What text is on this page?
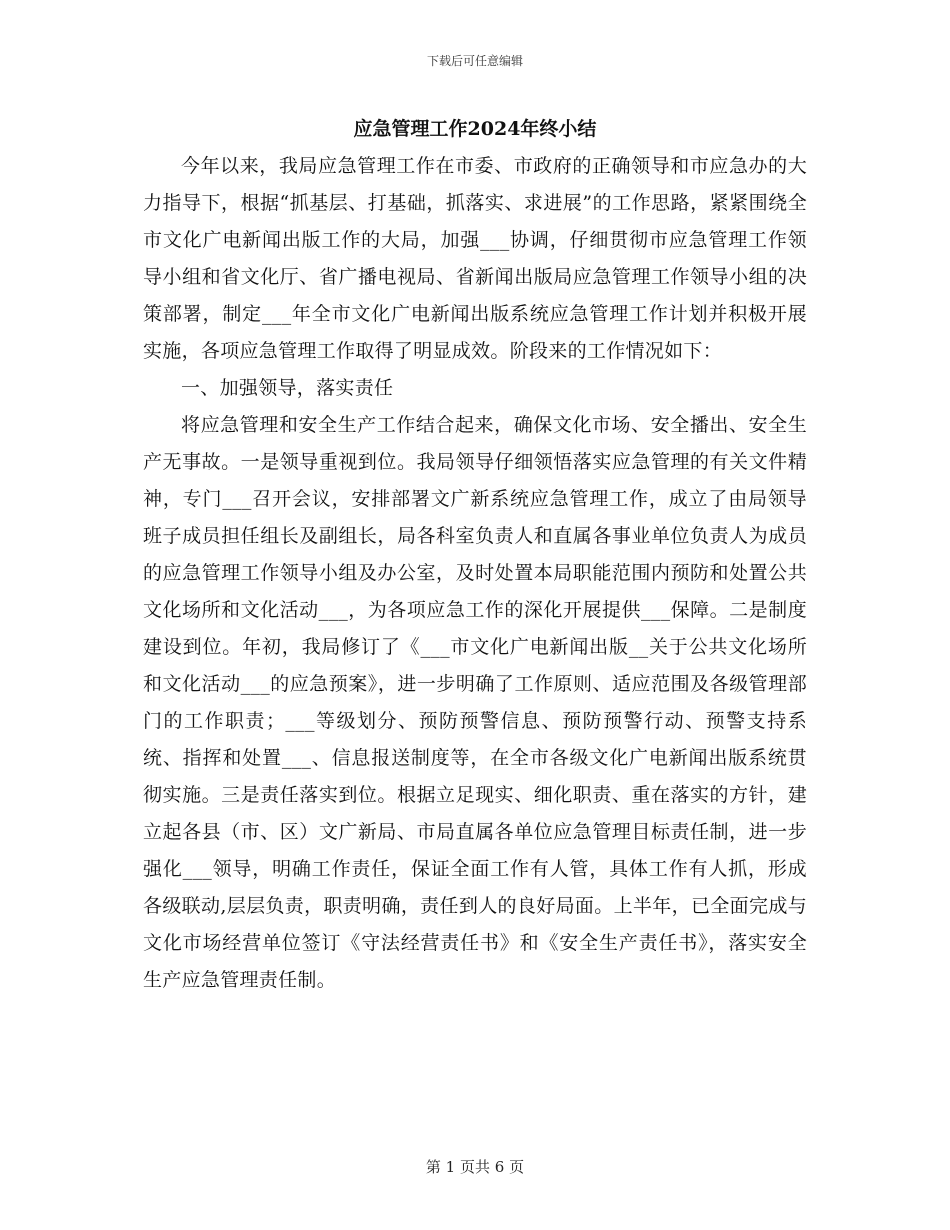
下载后可任意编辑
应急管理工作2024年终小结

今年以来，我局应急管理工作在市委、市政府的正确领导和市应急办的大力指导下，根据“抓基层、打基础，抓落实、求进展”的工作思路，紧紧围绕全市文化广电新闻出版工作的大局，加强___协调，仔细贯彻市应急管理工作领导小组和省文化厅、省广播电视局、省新闻出版局应急管理工作领导小组的决策部署，制定___年全市文化广电新闻出版系统应急管理工作计划并积极开展实施，各项应急管理工作取得了明显成效。阶段来的工作情况如下：

一、加强领导，落实责任

将应急管理和安全生产工作结合起来，确保文化市场、安全播出、安全生产无事故。一是领导重视到位。我局领导仔细领悟落实应急管理的有关文件精神，专门___召开会议，安排部署文广新系统应急管理工作，成立了由局领导班子成员担任组长及副组长，局各科室负责人和直属各事业单位负责人为成员的应急管理工作领导小组及办公室，及时处置本局职能范围内预防和处置公共文化场所和文化活动___，为各项应急工作的深化开展提供___保障。二是制度建设到位。年初，我局修订了《___市文化广电新闻出版__关于公共文化场所和文化活动___的应急预案》，进一步明确了工作原则、适应范围及各级管理部门的工作职责；___等级划分、预防预警信息、预防预警行动、预警支持系统、指挥和处置___、信息报送制度等，在全市各级文化广电新闻出版系统贯彻实施。三是责任落实到位。根据立足现实、细化职责、重在落实的方针，建立起各县（市、区）文广新局、市局直属各单位应急管理目标责任制，进一步强化___领导，明确工作责任，保证全面工作有人管，具体工作有人抓，形成各级联动,层层负责，职责明确，责任到人的良好局面。上半年，已全面完成与文化市场经营单位签订《守法经营责任书》和《安全生产责任书》，落实安全生产应急管理责任制。

第 1 页共 6 页
